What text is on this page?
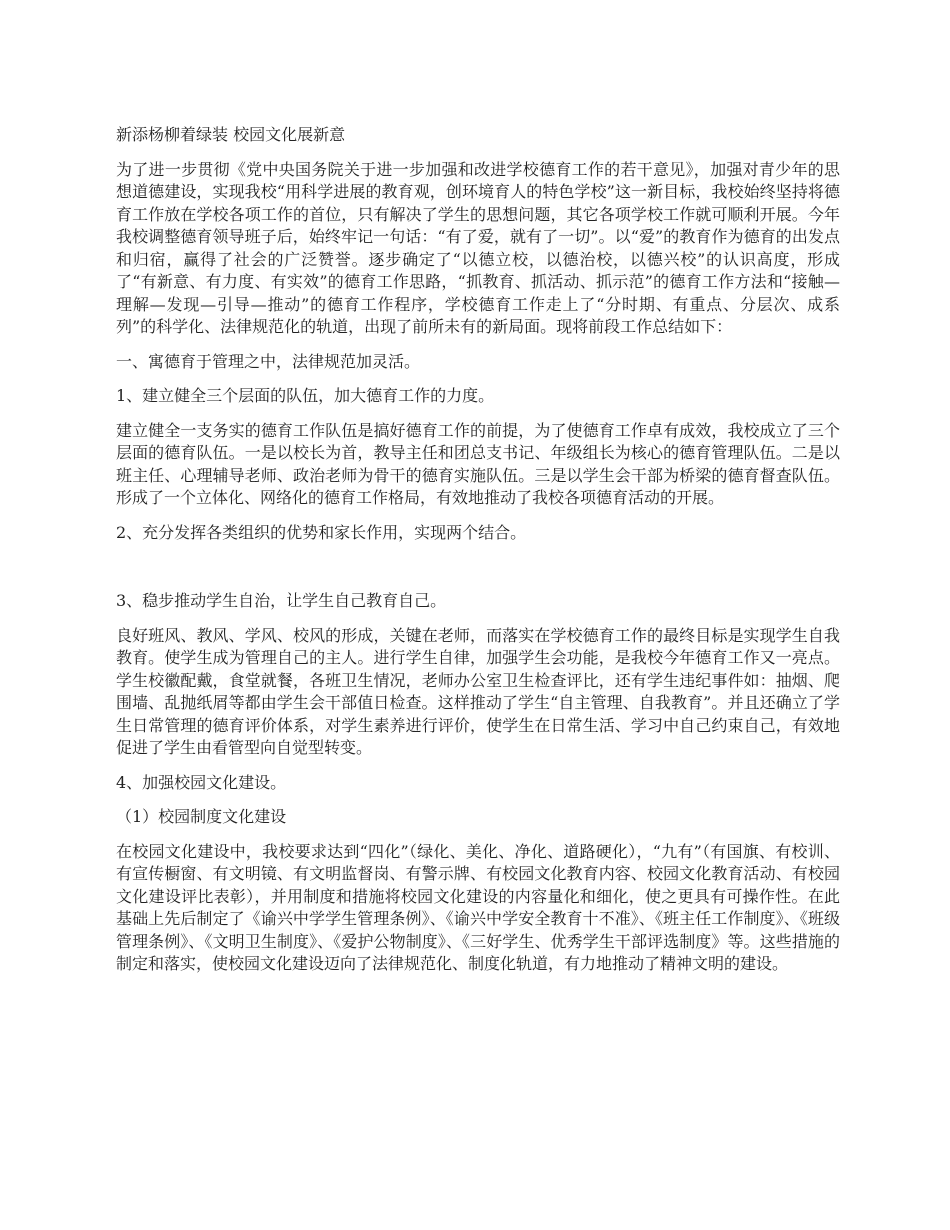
新添杨柳着绿装 校园文化展新意

为了进一步贯彻《党中央国务院关于进一步加强和改进学校德育工作的若干意见》，加强对青少年的思想道德建设，实现我校“用科学进展的教育观，创环境育人的特色学校”这一新目标，我校始终坚持将德育工作放在学校各项工作的首位，只有解决了学生的思想问题，其它各项学校工作就可顺利开展。今年我校调整德育领导班子后，始终牢记一句话：“有了爱，就有了一切”。以“爱”的教育作为德育的出发点和归宿，赢得了社会的广泛赞誉。逐步确定了“以德立校，以德治校，以德兴校”的认识高度，形成了“有新意、有力度、有实效”的德育工作思路，“抓教育、抓活动、抓示范”的德育工作方法和“接触—理解—发现—引导—推动”的德育工作程序，学校德育工作走上了“分时期、有重点、分层次、成系列”的科学化、法律规范化的轨道，出现了前所未有的新局面。现将前段工作总结如下：

一、寓德育于管理之中，法律规范加灵活。

1、建立健全三个层面的队伍，加大德育工作的力度。

建立健全一支务实的德育工作队伍是搞好德育工作的前提，为了使德育工作卓有成效，我校成立了三个层面的德育队伍。一是以校长为首，教导主任和团总支书记、年级组长为核心的德育管理队伍。二是以班主任、心理辅导老师、政治老师为骨干的德育实施队伍。三是以学生会干部为桥梁的德育督查队伍。形成了一个立体化、网络化的德育工作格局，有效地推动了我校各项德育活动的开展。

2、充分发挥各类组织的优势和家长作用，实现两个结合。

3、稳步推动学生自治，让学生自己教育自己。

良好班风、教风、学风、校风的形成，关键在老师，而落实在学校德育工作的最终目标是实现学生自我教育。使学生成为管理自己的主人。进行学生自律，加强学生会功能，是我校今年德育工作又一亮点。学生校徽配戴，食堂就餐，各班卫生情况，老师办公室卫生检查评比，还有学生违纪事件如：抽烟、爬围墙、乱抛纸屑等都由学生会干部值日检查。这样推动了学生“自主管理、自我教育”。并且还确立了学生日常管理的德育评价体系，对学生素养进行评价，使学生在日常生活、学习中自己约束自己，有效地促进了学生由看管型向自觉型转变。

4、加强校园文化建设。

（1）校园制度文化建设

在校园文化建设中，我校要求达到“四化”（绿化、美化、净化、道路硬化），“九有”（有国旗、有校训、有宣传橱窗、有文明镜、有文明监督岗、有警示牌、有校园文化教育内容、校园文化教育活动、有校园文化建设评比表彰），并用制度和措施将校园文化建设的内容量化和细化，使之更具有可操作性。在此基础上先后制定了《谕兴中学学生管理条例》、《谕兴中学安全教育十不准》、《班主任工作制度》、《班级管理条例》、《文明卫生制度》、《爱护公物制度》、《三好学生、优秀学生干部评选制度》等。这些措施的制定和落实，使校园文化建设迈向了法律规范化、制度化轨道，有力地推动了精神文明的建设。
